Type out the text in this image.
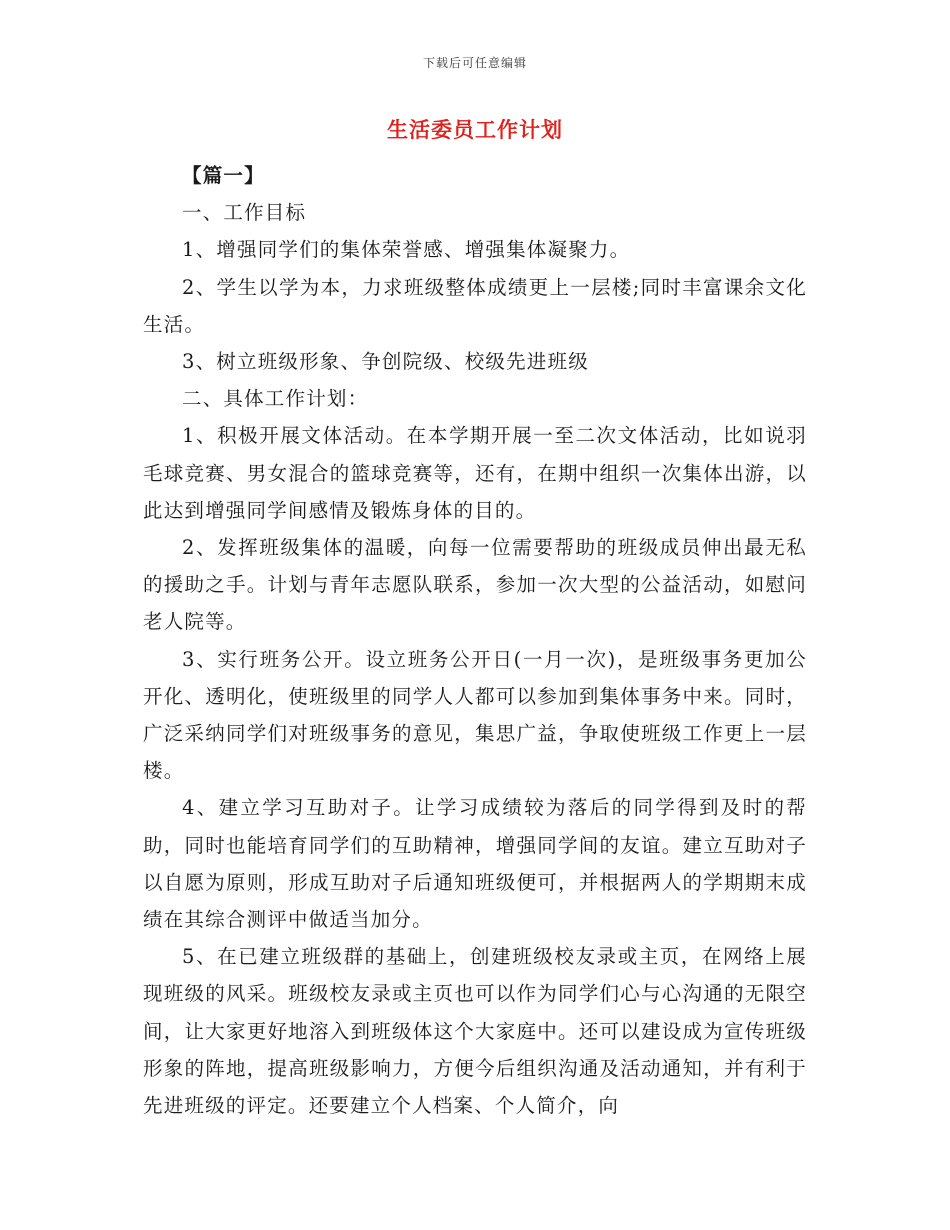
下载后可任意编辑
生活委员工作计划

【篇一】

一、工作目标

1、增强同学们的集体荣誉感、增强集体凝聚力。

2、学生以学为本，力求班级整体成绩更上一层楼;同时丰富课余文化生活。

3、树立班级形象、争创院级、校级先进班级

二、具体工作计划：

1、积极开展文体活动。在本学期开展一至二次文体活动，比如说羽毛球竞赛、男女混合的篮球竞赛等，还有，在期中组织一次集体出游，以此达到增强同学间感情及锻炼身体的目的。

2、发挥班级集体的温暖，向每一位需要帮助的班级成员伸出最无私的援助之手。计划与青年志愿队联系，参加一次大型的公益活动，如慰问老人院等。

3、实行班务公开。设立班务公开日(一月一次)，是班级事务更加公开化、透明化，使班级里的同学人人都可以参加到集体事务中来。同时，广泛采纳同学们对班级事务的意见，集思广益，争取使班级工作更上一层楼。

4、建立学习互助对子。让学习成绩较为落后的同学得到及时的帮助，同时也能培育同学们的互助精神，增强同学间的友谊。建立互助对子以自愿为原则，形成互助对子后通知班级便可，并根据两人的学期期末成绩在其综合测评中做适当加分。

5、在已建立班级群的基础上，创建班级校友录或主页，在网络上展现班级的风采。班级校友录或主页也可以作为同学们心与心沟通的无限空间，让大家更好地溶入到班级体这个大家庭中。还可以建设成为宣传班级形象的阵地，提高班级影响力，方便今后组织沟通及活动通知，并有利于先进班级的评定。还要建立个人档案、个人简介，向
